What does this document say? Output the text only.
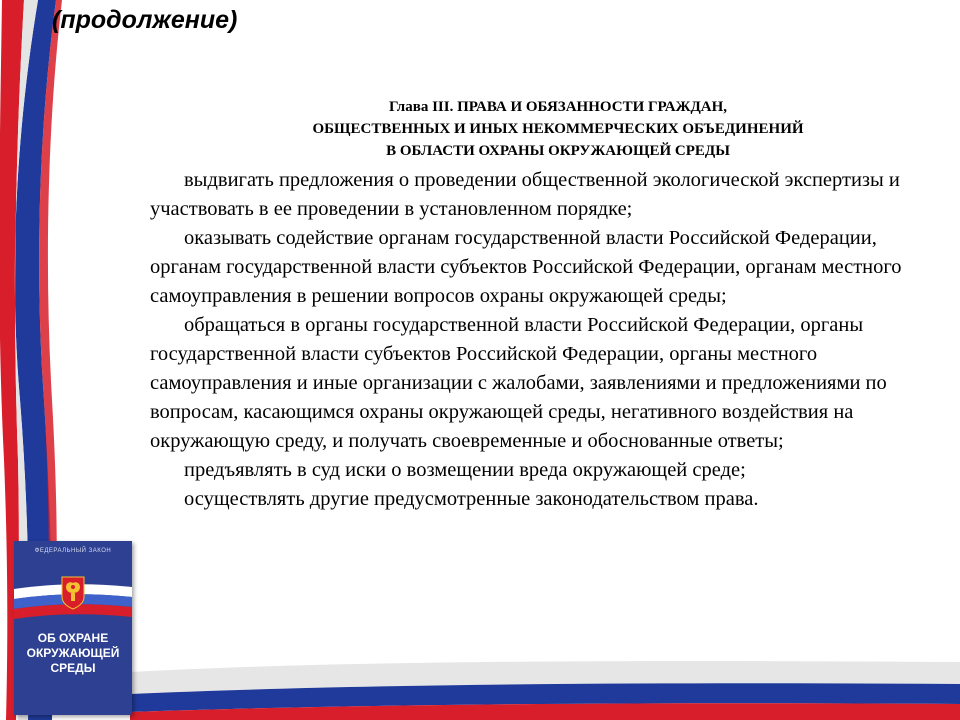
(продолжение)
Глава III. ПРАВА И ОБЯЗАННОСТИ ГРАЖДАН,
ОБЩЕСТВЕННЫХ И ИНЫХ НЕКОММЕРЧЕСКИХ ОБЪЕДИНЕНИЙ
В ОБЛАСТИ ОХРАНЫ ОКРУЖАЮЩЕЙ СРЕДЫ

выдвигать предложения о проведении общественной экологической экспертизы и участвовать в ее проведении в установленном порядке;

оказывать содействие органам государственной власти Российской Федерации, органам государственной власти субъектов Российской Федерации, органам местного самоуправления в решении вопросов охраны окружающей среды;

обращаться в органы государственной власти Российской Федерации, органы государственной власти субъектов Российской Федерации, органы местного самоуправления и иные организации с жалобами, заявлениями и предложениями по вопросам, касающимся охраны окружающей среды, негативного воздействия на окружающую среду, и получать своевременные и обоснованные ответы;

предъявлять в суд иски о возмещении вреда окружающей среде;

осуществлять другие предусмотренные законодательством права.

ФЕДЕРАЛЬНЫЙ ЗАКОН
ОБ ОХРАНЕ
ОКРУЖАЮЩЕЙ
СРЕДЫ
